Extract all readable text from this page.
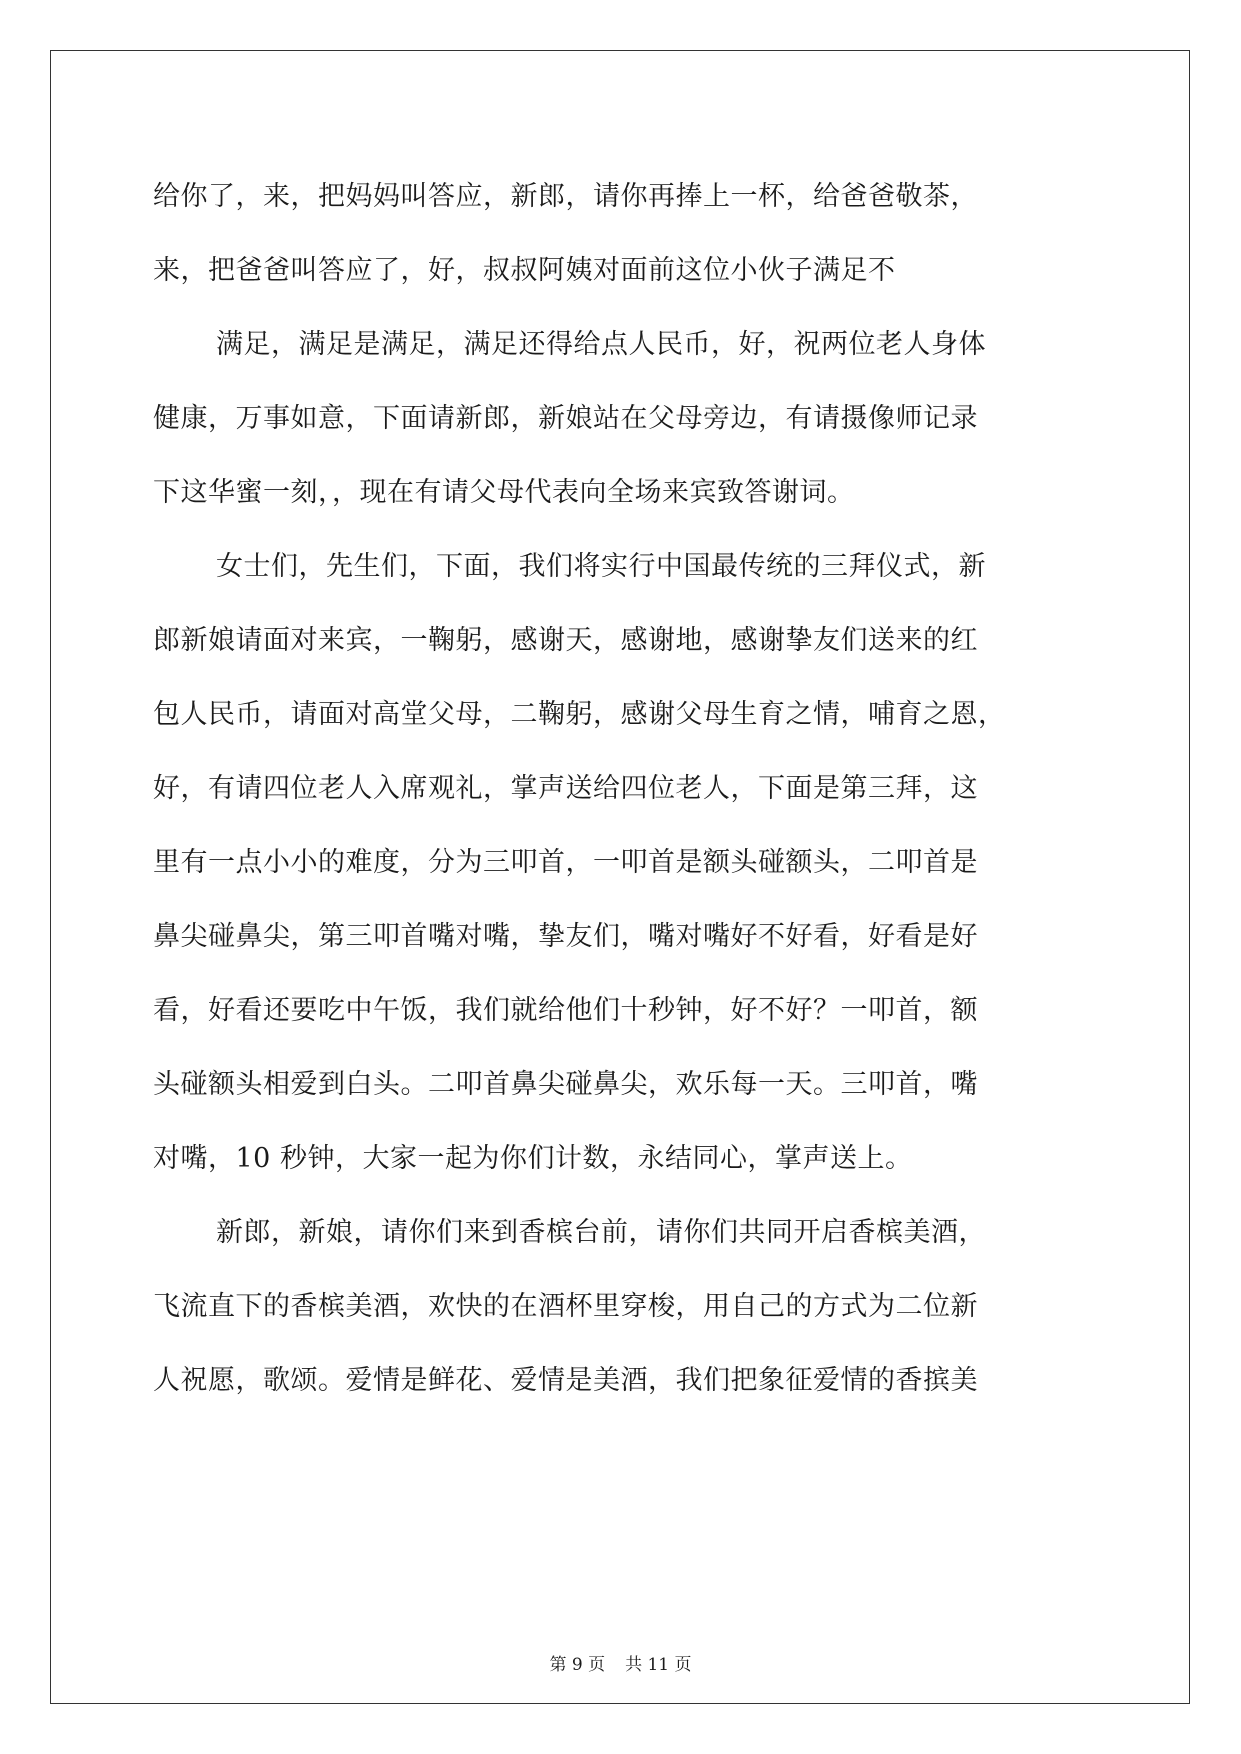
给你了，来，把妈妈叫答应，新郎，请你再捧上一杯，给爸爸敬茶，
来，把爸爸叫答应了，好，叔叔阿姨对面前这位小伙子满足不
满足，满足是满足，满足还得给点人民币，好，祝两位老人身体
健康，万事如意，下面请新郎，新娘站在父母旁边，有请摄像师记录
下这华蜜一刻，，现在有请父母代表向全场来宾致答谢词。
女士们，先生们，下面，我们将实行中国最传统的三拜仪式，新
郎新娘请面对来宾，一鞠躬，感谢天，感谢地，感谢挚友们送来的红
包人民币，请面对高堂父母，二鞠躬，感谢父母生育之情，哺育之恩，
好，有请四位老人入席观礼，掌声送给四位老人，下面是第三拜，这
里有一点小小的难度，分为三叩首，一叩首是额头碰额头，二叩首是
鼻尖碰鼻尖，第三叩首嘴对嘴，挚友们，嘴对嘴好不好看，好看是好
看，好看还要吃中午饭，我们就给他们十秒钟，好不好？一叩首，额
头碰额头相爱到白头。二叩首鼻尖碰鼻尖，欢乐每一天。三叩首，嘴
对嘴，10 秒钟，大家一起为你们计数，永结同心，掌声送上。
新郎，新娘，请你们来到香槟台前，请你们共同开启香槟美酒，
飞流直下的香槟美酒，欢快的在酒杯里穿梭，用自己的方式为二位新
人祝愿，歌颂。爱情是鲜花、爱情是美酒，我们把象征爱情的香摈美
第 9 页 共 11 页
